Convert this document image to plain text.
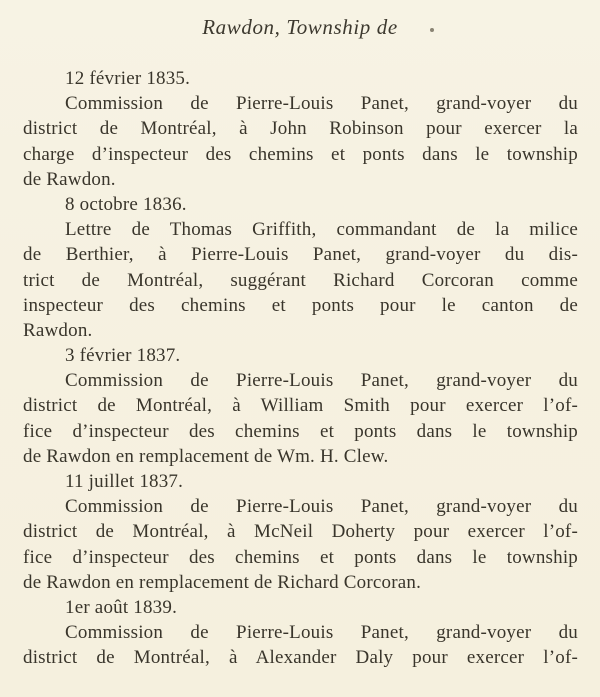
Rawdon, Township de
12 février 1835.
Commission de Pierre-Louis Panet, grand-voyer du
district de Montréal, à John Robinson pour exercer la
charge d’inspecteur des chemins et ponts dans le township
de Rawdon.
8 octobre 1836.
Lettre de Thomas Griffith, commandant de la milice
de Berthier, à Pierre-Louis Panet, grand-voyer du dis-
trict de Montréal, suggérant Richard Corcoran comme
inspecteur des chemins et ponts pour le canton de
Rawdon.
3 février 1837.
Commission de Pierre-Louis Panet, grand-voyer du
district de Montréal, à William Smith pour exercer l’of-
fice d’inspecteur des chemins et ponts dans le township
de Rawdon en remplacement de Wm. H. Clew.
11 juillet 1837.
Commission de Pierre-Louis Panet, grand-voyer du
district de Montréal, à McNeil Doherty pour exercer l’of-
fice d’inspecteur des chemins et ponts dans le township
de Rawdon en remplacement de Richard Corcoran.
1er août 1839.
Commission de Pierre-Louis Panet, grand-voyer du
district de Montréal, à Alexander Daly pour exercer l’of-
